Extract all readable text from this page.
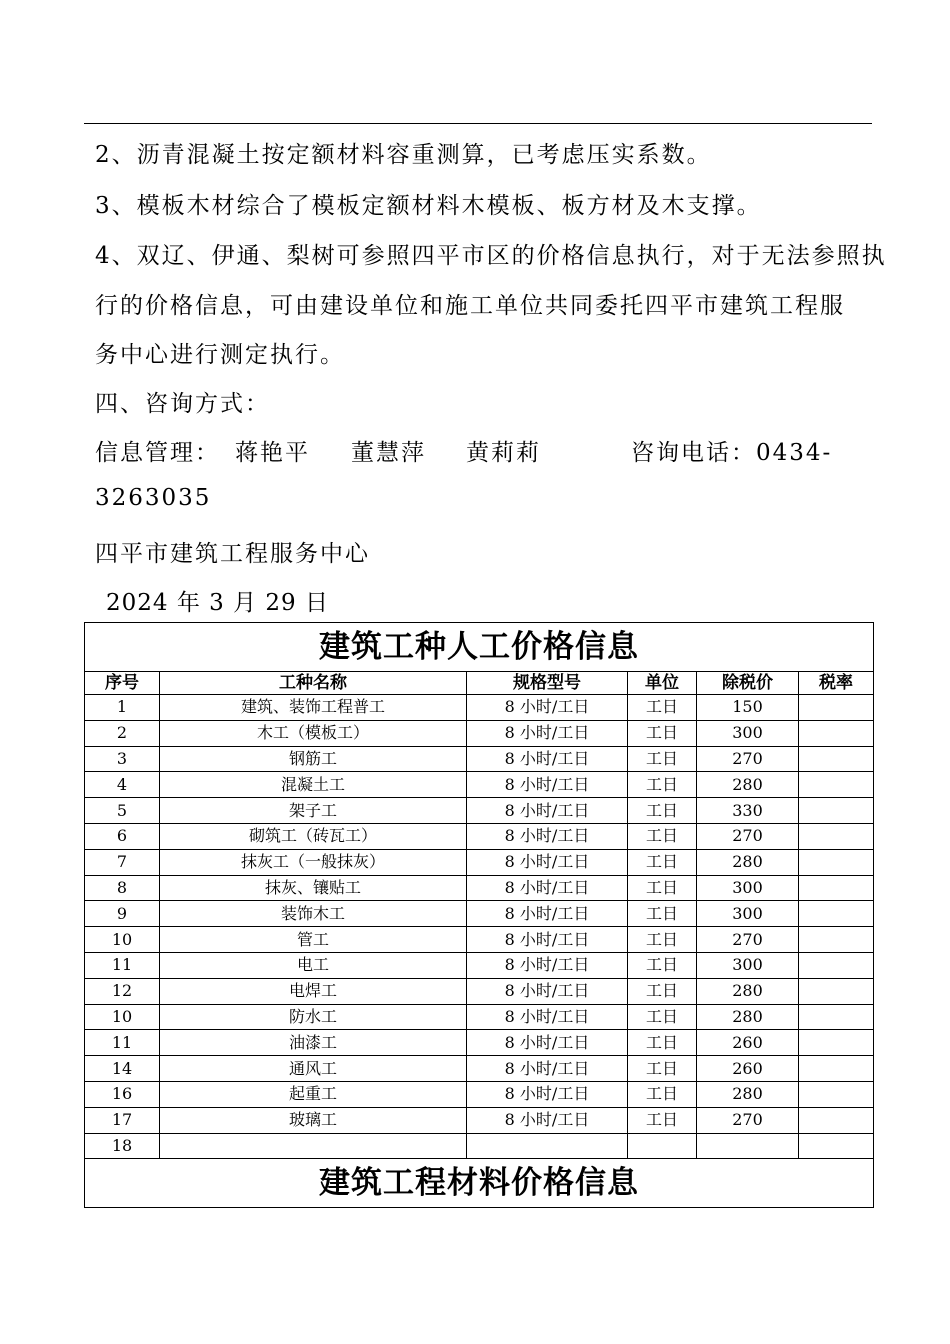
2、沥青混凝土按定额材料容重测算，已考虑压实系数。
3、模板木材综合了模板定额材料木模板、板方材及木支撑。
4、双辽、伊通、梨树可参照四平市区的价格信息执行，对于无法参照执
行的价格信息，可由建设单位和施工单位共同委托四平市建筑工程服
务中心进行测定执行。
四、咨询方式：
信息管理： 蒋艳平 董慧萍 黄莉莉	咨询电话：0434-
3263035
四平市建筑工程服务中心
2024 年 3 月 29 日
建筑工种人工价格信息					
序号	工种名称	规格型号	单位	除税价	税率
1	建筑、装饰工程普工	8 小时/工日	工日	150	
2	木工（模板工）	8 小时/工日	工日	300	
3	钢筋工	8 小时/工日	工日	270	
4	混凝土工	8 小时/工日	工日	280	
5	架子工	8 小时/工日	工日	330	
6	砌筑工（砖瓦工）	8 小时/工日	工日	270	
7	抹灰工（一般抹灰）	8 小时/工日	工日	280	
8	抹灰、镶贴工	8 小时/工日	工日	300	
9	装饰木工	8 小时/工日	工日	300	
10	管工	8 小时/工日	工日	270	
11	电工	8 小时/工日	工日	300	
12	电焊工	8 小时/工日	工日	280	
10	防水工	8 小时/工日	工日	280	
11	油漆工	8 小时/工日	工日	260	
14	通风工	8 小时/工日	工日	260	
16	起重工	8 小时/工日	工日	280	
17	玻璃工	8 小时/工日	工日	270	
18					
建筑工程材料价格信息					
